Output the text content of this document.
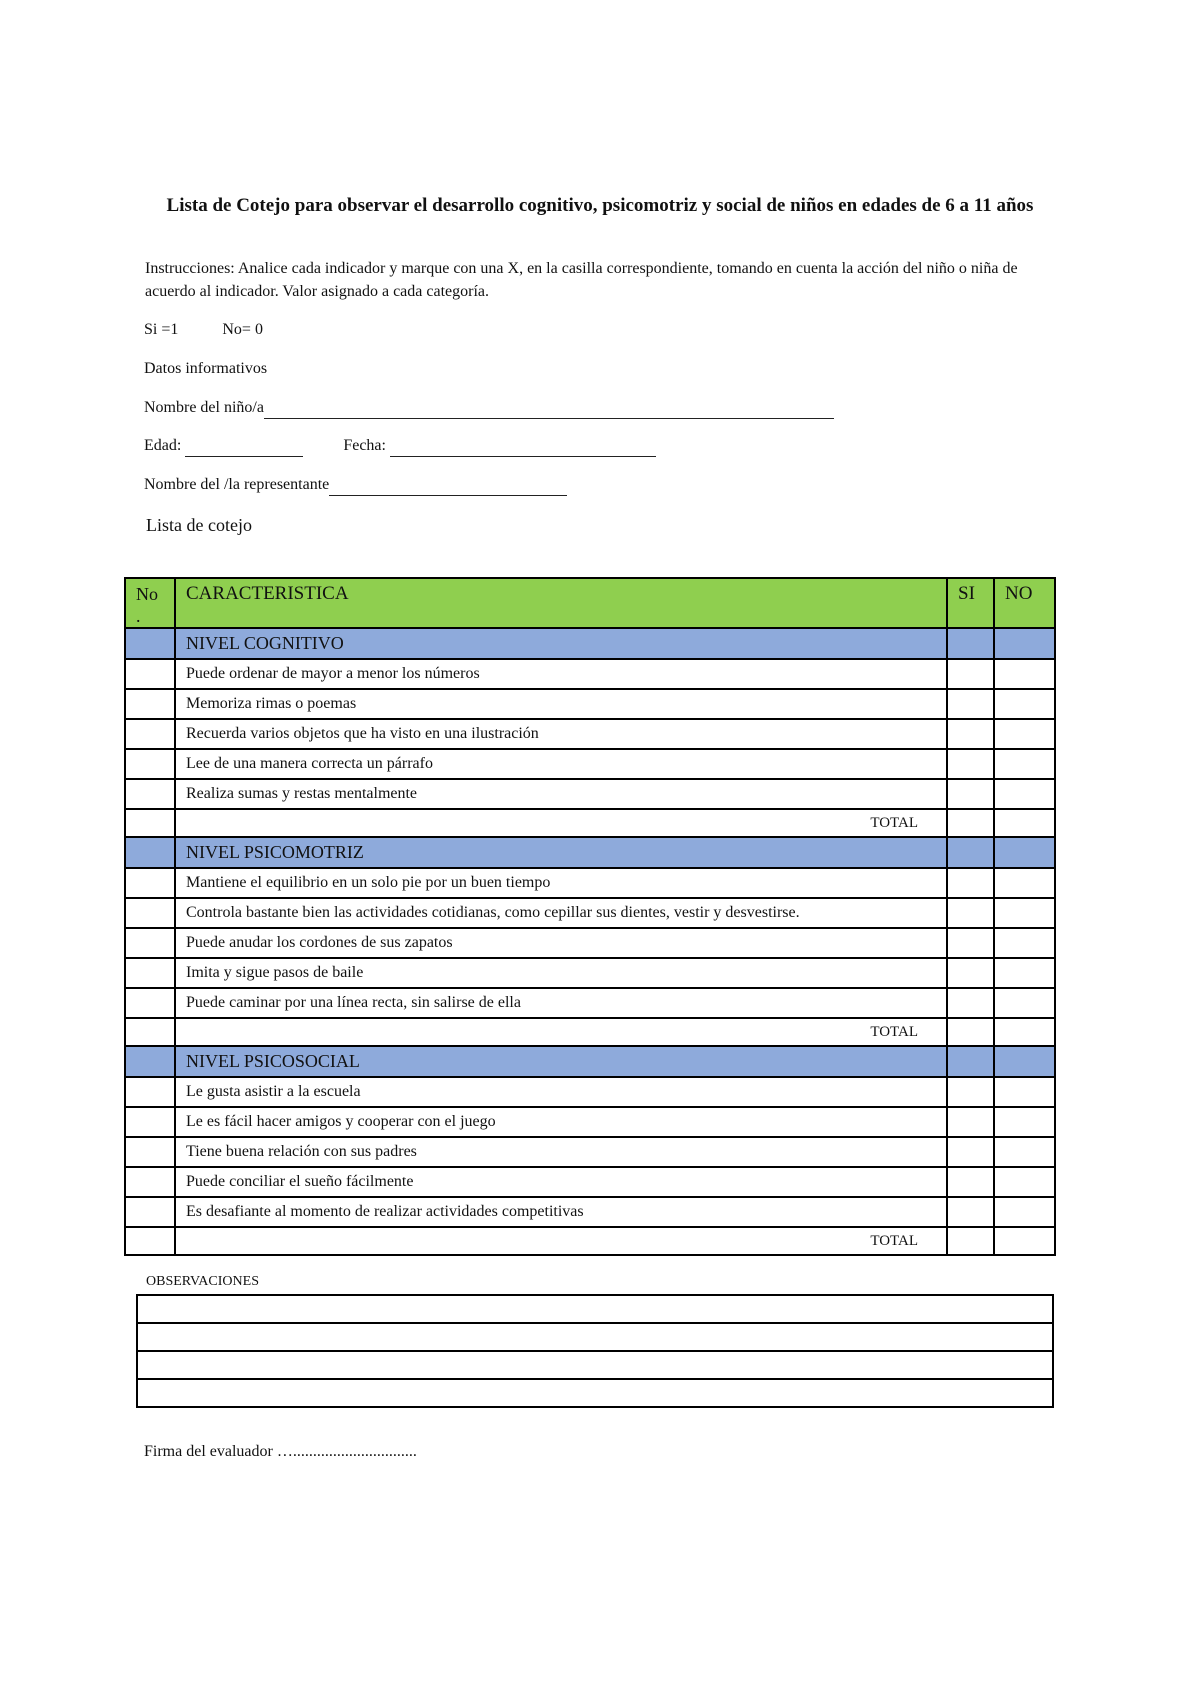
Lista de Cotejo para observar el desarrollo cognitivo, psicomotriz y social de niños en edades de 6 a 11 años
Instrucciones: Analice cada indicador y marque con una X, en la casilla correspondiente, tomando en cuenta la acción del niño o niña de acuerdo al indicador. Valor asignado a cada categoría.
Si =1	No= 0
Datos informativos
Nombre del niño/a
Edad:	Fecha:
Nombre del /la representante
Lista de cotejo
No .	CARACTERISTICA	SI	NO
	NIVEL COGNITIVO		
	Puede ordenar de mayor a menor los números		
	Memoriza rimas o poemas		
	Recuerda varios objetos que ha visto en una ilustración		
	Lee de una manera correcta un párrafo		
	Realiza sumas y restas mentalmente		
	TOTAL		
	NIVEL PSICOMOTRIZ		
	Mantiene el equilibrio en un solo pie por un buen tiempo		
	Controla bastante bien las actividades cotidianas, como cepillar sus dientes, vestir y desvestirse.		
	Puede anudar los cordones de sus zapatos		
	Imita y sigue pasos de baile		
	Puede caminar por una línea recta, sin salirse de ella		
	TOTAL		
	NIVEL PSICOSOCIAL		
	Le gusta asistir a la escuela		
	Le es fácil hacer amigos y cooperar con el juego		
	Tiene buena relación con sus padres		
	Puede conciliar el sueño fácilmente		
	Es desafiante al momento de realizar actividades competitivas		
	TOTAL		
OBSERVACIONES

Firma del evaluador …...............................
